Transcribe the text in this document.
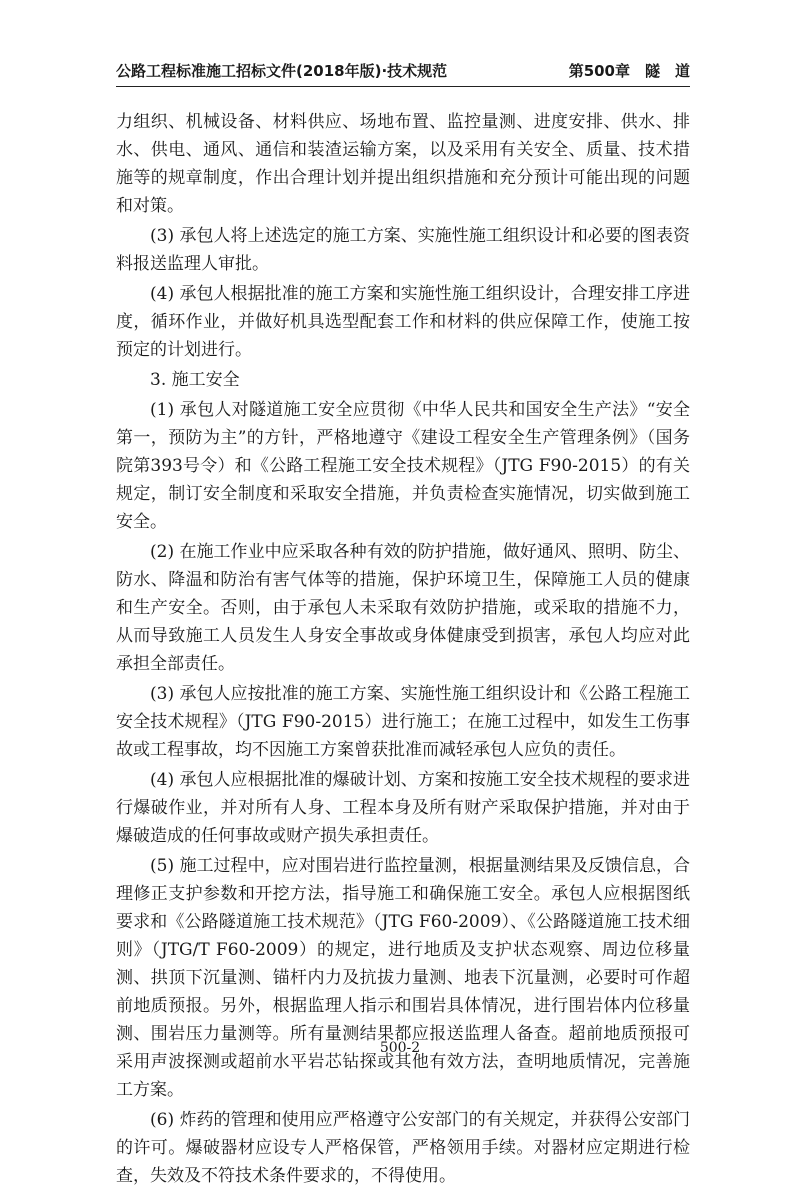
公路工程标准施工招标文件(2018年版)·技术规范	第500章　隧　道

力组织、机械设备、材料供应、场地布置、监控量测、进度安排、供水、排水、供电、通风、通信和装渣运输方案，以及采用有关安全、质量、技术措施等的规章制度，作出合理计划并提出组织措施和充分预计可能出现的问题和对策。

(3) 承包人将上述选定的施工方案、实施性施工组织设计和必要的图表资料报送监理人审批。

(4) 承包人根据批准的施工方案和实施性施工组织设计，合理安排工序进度，循环作业，并做好机具选型配套工作和材料的供应保障工作，使施工按预定的计划进行。

3. 施工安全

(1) 承包人对隧道施工安全应贯彻《中华人民共和国安全生产法》“安全第一，预防为主”的方针，严格地遵守《建设工程安全生产管理条例》（国务院第393号令）和《公路工程施工安全技术规程》（JTG F90-2015）的有关规定，制订安全制度和采取安全措施，并负责检查实施情况，切实做到施工安全。

(2) 在施工作业中应采取各种有效的防护措施，做好通风、照明、防尘、防水、降温和防治有害气体等的措施，保护环境卫生，保障施工人员的健康和生产安全。否则，由于承包人未采取有效防护措施，或采取的措施不力，从而导致施工人员发生人身安全事故或身体健康受到损害，承包人均应对此承担全部责任。

(3) 承包人应按批准的施工方案、实施性施工组织设计和《公路工程施工安全技术规程》（JTG F90-2015）进行施工；在施工过程中，如发生工伤事故或工程事故，均不因施工方案曾获批准而减轻承包人应负的责任。

(4) 承包人应根据批准的爆破计划、方案和按施工安全技术规程的要求进行爆破作业，并对所有人身、工程本身及所有财产采取保护措施，并对由于爆破造成的任何事故或财产损失承担责任。

(5) 施工过程中，应对围岩进行监控量测，根据量测结果及反馈信息，合理修正支护参数和开挖方法，指导施工和确保施工安全。承包人应根据图纸要求和《公路隧道施工技术规范》（JTG F60-2009）、《公路隧道施工技术细则》（JTG/T F60-2009）的规定，进行地质及支护状态观察、周边位移量测、拱顶下沉量测、锚杆内力及抗拔力量测、地表下沉量测，必要时可作超前地质预报。另外，根据监理人指示和围岩具体情况，进行围岩体内位移量测、围岩压力量测等。所有量测结果都应报送监理人备查。超前地质预报可采用声波探测或超前水平岩芯钻探或其他有效方法，查明地质情况，完善施工方案。

(6) 炸药的管理和使用应严格遵守公安部门的有关规定，并获得公安部门的许可。爆破器材应设专人严格保管，严格领用手续。对器材应定期进行检查，失效及不符技术条件要求的，不得使用。

500-2
